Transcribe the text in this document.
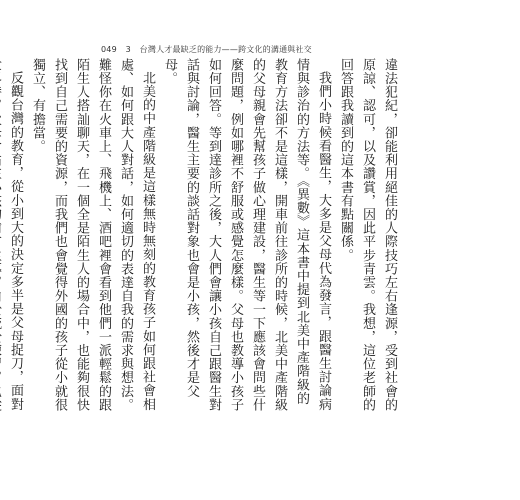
049 3 台灣人才最缺乏的能力——跨文化的溝通與社交

違法犯紀，卻能利用絕佳的人際技巧左右逢源，受到社會的原諒、認可，以及讚賞，因此平步青雲。我想，這位老師的回答跟我讀到的這本書有點關係。

我們小時候看醫生，大多是父母代為發言，跟醫生討論病情與診治的方法等。《異數》這本書中提到北美中產階級的教育方法卻不是這樣，開車前往診所的時候，北美中產階級的父母親會先幫孩子做心理建設，醫生等一下應該會問些什麼問題，例如哪裡不舒服或感覺怎麼樣。父母也教導小孩子如何回答。等到達診所之後，大人們會讓小孩自己跟醫生對話與討論，醫生主要的談話對象也會是小孩，然後才是父母。

北美的中產階級是這樣無時無刻的教育孩子如何跟社會相處、如何跟大人對話，如何適切的表達自我的需求與想法。難怪你在火車上、飛機上、酒吧裡會看到他們一派輕鬆的跟陌生人搭訕聊天，在一個全是陌生人的場合中，也能夠很快找到自己需要的資源，而我們也會覺得外國的孩子從小就很獨立、有擔當。

反觀台灣的教育，從小到大的決定多半是父母捉刀，面對
